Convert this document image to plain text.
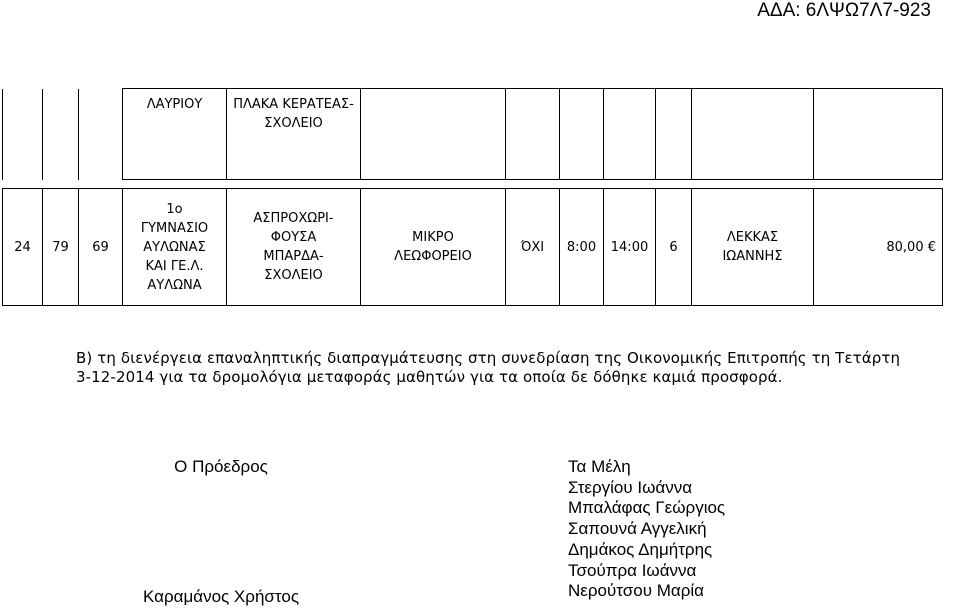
ΑΔΑ: 6ΛΨΩ7Λ7-923
			ΛΑΥΡΙΟΥ	ΠΛΑΚΑ ΚΕΡΑΤΕΑΣ-ΣΧΟΛΕΙΟ							

24	79	69	1ο ΓΥΜΝΑΣΙΟ ΑΥΛΩΝΑΣ ΚΑΙ ΓΕ.Λ. ΑΥΛΩΝΑ	ΑΣΠΡΟΧΩΡΙ-ΦΟΥΣΑ ΜΠΑΡΔΑ-ΣΧΟΛΕΙΟ	ΜΙΚΡΟ ΛΕΩΦΟΡΕΙΟ	ΌΧΙ	8:00	14:00	6	ΛΕΚΚΑΣ ΙΩΑΝΝΗΣ	80,00 €
Β) τη διενέργεια επαναληπτικής διαπραγμάτευσης στη συνεδρίαση της Οικονομικής Επιτροπής τη Τετάρτη 3-12-2014 για τα δρομολόγια μεταφοράς μαθητών για τα οποία δε δόθηκε καμιά προσφορά.
Ο Πρόεδρος
Καραμάνος Χρήστος
Τα Μέλη
Στεργίου Ιωάννα
Μπαλάφας Γεώργιος
Σαπουνά Αγγελική
Δημάκος Δημήτρης
Τσούπρα Ιωάννα
Νερούτσου Μαρία
